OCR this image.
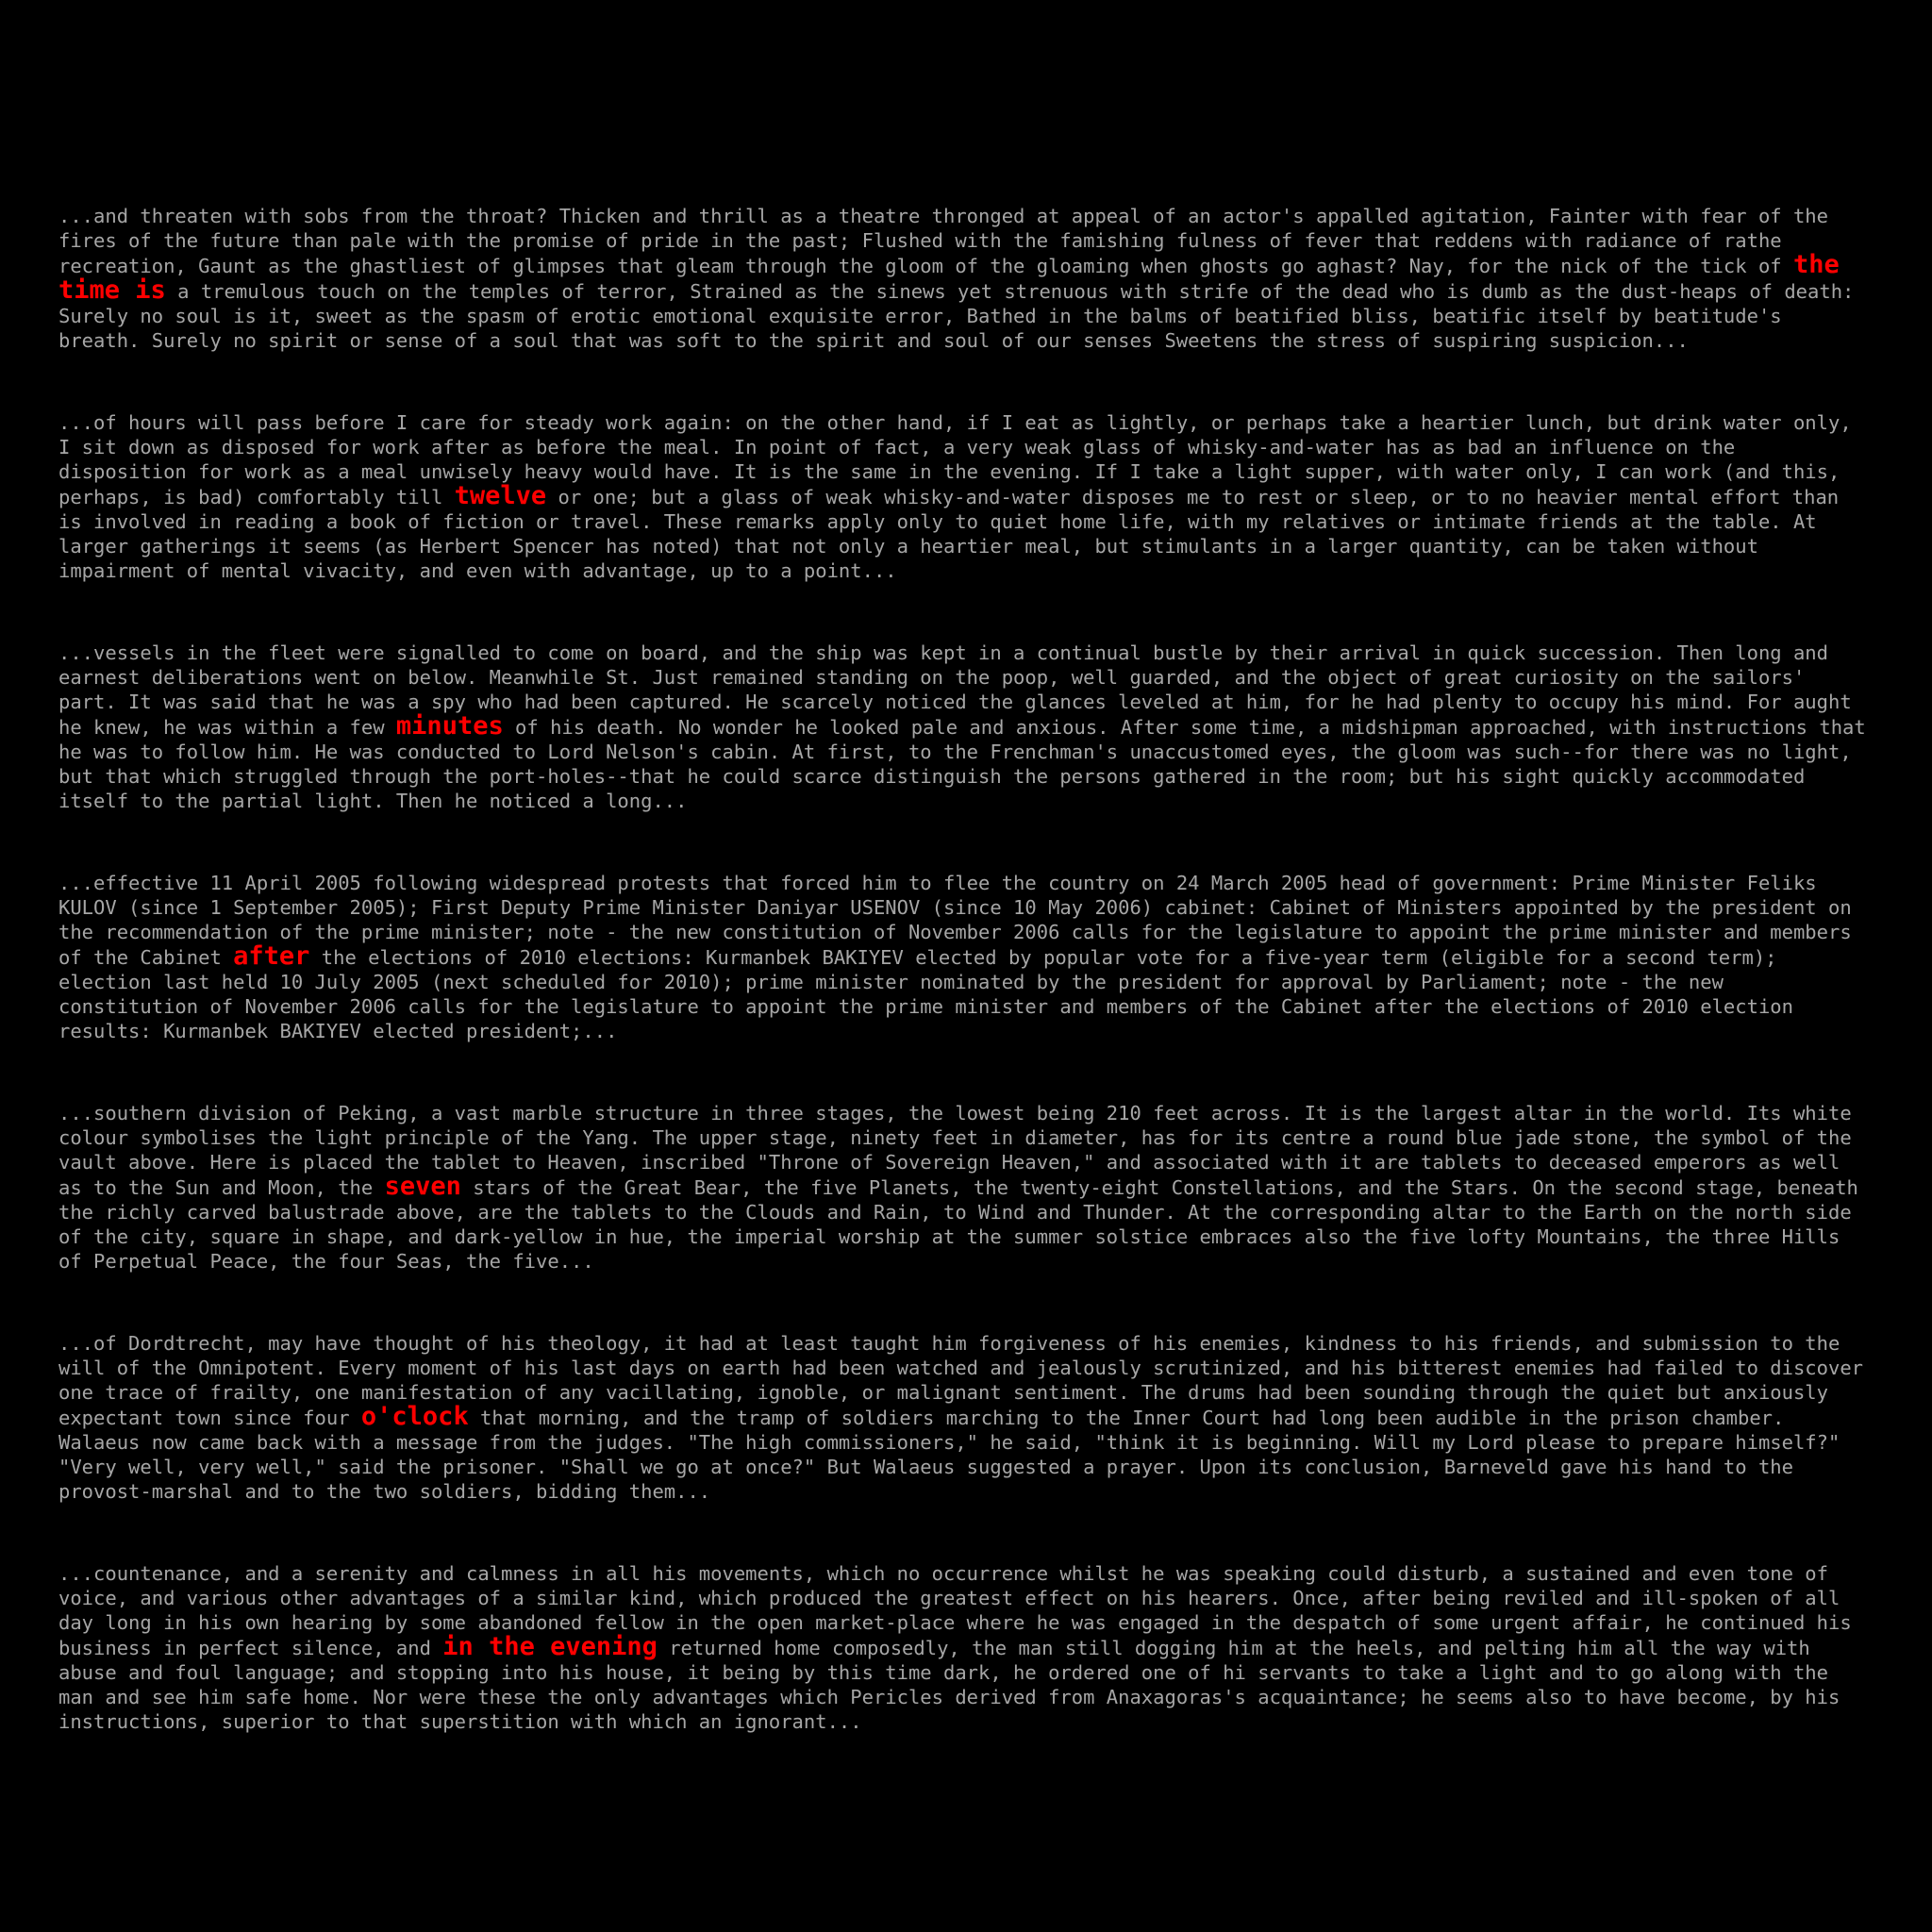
...and threaten with sobs from the throat? Thicken and thrill as a theatre thronged at appeal of an actor's appalled agitation, Fainter with fear of the fires of the future than pale with the promise of pride in the past; Flushed with the famishing fulness of fever that reddens with radiance of rathe recreation, Gaunt as the ghastliest of glimpses that gleam through the gloom of the gloaming when ghosts go aghast? Nay, for the nick of the tick of the time is a tremulous touch on the temples of terror, Strained as the sinews yet strenuous with strife of the dead who is dumb as the dust-heaps of death: Surely no soul is it, sweet as the spasm of erotic emotional exquisite error, Bathed in the balms of beatified bliss, beatific itself by beatitude's breath. Surely no spirit or sense of a soul that was soft to the spirit and soul of our senses Sweetens the stress of suspiring suspicion...

...of hours will pass before I care for steady work again: on the other hand, if I eat as lightly, or perhaps take a heartier lunch, but drink water only, I sit down as disposed for work after as before the meal. In point of fact, a very weak glass of whisky-and-water has as bad an influence on the disposition for work as a meal unwisely heavy would have. It is the same in the evening. If I take a light supper, with water only, I can work (and this, perhaps, is bad) comfortably till twelve or one; but a glass of weak whisky-and-water disposes me to rest or sleep, or to no heavier mental effort than is involved in reading a book of fiction or travel. These remarks apply only to quiet home life, with my relatives or intimate friends at the table. At larger gatherings it seems (as Herbert Spencer has noted) that not only a heartier meal, but stimulants in a larger quantity, can be taken without impairment of mental vivacity, and even with advantage, up to a point...

...vessels in the fleet were signalled to come on board, and the ship was kept in a continual bustle by their arrival in quick succession. Then long and earnest deliberations went on below. Meanwhile St. Just remained standing on the poop, well guarded, and the object of great curiosity on the sailors' part. It was said that he was a spy who had been captured. He scarcely noticed the glances leveled at him, for he had plenty to occupy his mind. For aught he knew, he was within a few minutes of his death. No wonder he looked pale and anxious. After some time, a midshipman approached, with instructions that he was to follow him. He was conducted to Lord Nelson's cabin. At first, to the Frenchman's unaccustomed eyes, the gloom was such--for there was no light, but that which struggled through the port-holes--that he could scarce distinguish the persons gathered in the room; but his sight quickly accommodated itself to the partial light. Then he noticed a long...

...effective 11 April 2005 following widespread protests that forced him to flee the country on 24 March 2005 head of government: Prime Minister Feliks KULOV (since 1 September 2005); First Deputy Prime Minister Daniyar USENOV (since 10 May 2006) cabinet: Cabinet of Ministers appointed by the president on the recommendation of the prime minister; note - the new constitution of November 2006 calls for the legislature to appoint the prime minister and members of the Cabinet after the elections of 2010 elections: Kurmanbek BAKIYEV elected by popular vote for a five-year term (eligible for a second term); election last held 10 July 2005 (next scheduled for 2010); prime minister nominated by the president for approval by Parliament; note - the new constitution of November 2006 calls for the legislature to appoint the prime minister and members of the Cabinet after the elections of 2010 election results: Kurmanbek BAKIYEV elected president;...

...southern division of Peking, a vast marble structure in three stages, the lowest being 210 feet across. It is the largest altar in the world. Its white colour symbolises the light principle of the Yang. The upper stage, ninety feet in diameter, has for its centre a round blue jade stone, the symbol of the vault above. Here is placed the tablet to Heaven, inscribed "Throne of Sovereign Heaven," and associated with it are tablets to deceased emperors as well as to the Sun and Moon, the seven stars of the Great Bear, the five Planets, the twenty-eight Constellations, and the Stars. On the second stage, beneath the richly carved balustrade above, are the tablets to the Clouds and Rain, to Wind and Thunder. At the corresponding altar to the Earth on the north side of the city, square in shape, and dark-yellow in hue, the imperial worship at the summer solstice embraces also the five lofty Mountains, the three Hills of Perpetual Peace, the four Seas, the five...

...of Dordtrecht, may have thought of his theology, it had at least taught him forgiveness of his enemies, kindness to his friends, and submission to the will of the Omnipotent. Every moment of his last days on earth had been watched and jealously scrutinized, and his bitterest enemies had failed to discover one trace of frailty, one manifestation of any vacillating, ignoble, or malignant sentiment. The drums had been sounding through the quiet but anxiously expectant town since four o'clock that morning, and the tramp of soldiers marching to the Inner Court had long been audible in the prison chamber. Walaeus now came back with a message from the judges. "The high commissioners," he said, "think it is beginning. Will my Lord please to prepare himself?" "Very well, very well," said the prisoner. "Shall we go at once?" But Walaeus suggested a prayer. Upon its conclusion, Barneveld gave his hand to the provost-marshal and to the two soldiers, bidding them...

...countenance, and a serenity and calmness in all his movements, which no occurrence whilst he was speaking could disturb, a sustained and even tone of voice, and various other advantages of a similar kind, which produced the greatest effect on his hearers. Once, after being reviled and ill-spoken of all day long in his own hearing by some abandoned fellow in the open market-place where he was engaged in the despatch of some urgent affair, he continued his business in perfect silence, and in the evening returned home composedly, the man still dogging him at the heels, and pelting him all the way with abuse and foul language; and stopping into his house, it being by this time dark, he ordered one of hi servants to take a light and to go along with the man and see him safe home. Nor were these the only advantages which Pericles derived from Anaxagoras's acquaintance; he seems also to have become, by his instructions, superior to that superstition with which an ignorant...
